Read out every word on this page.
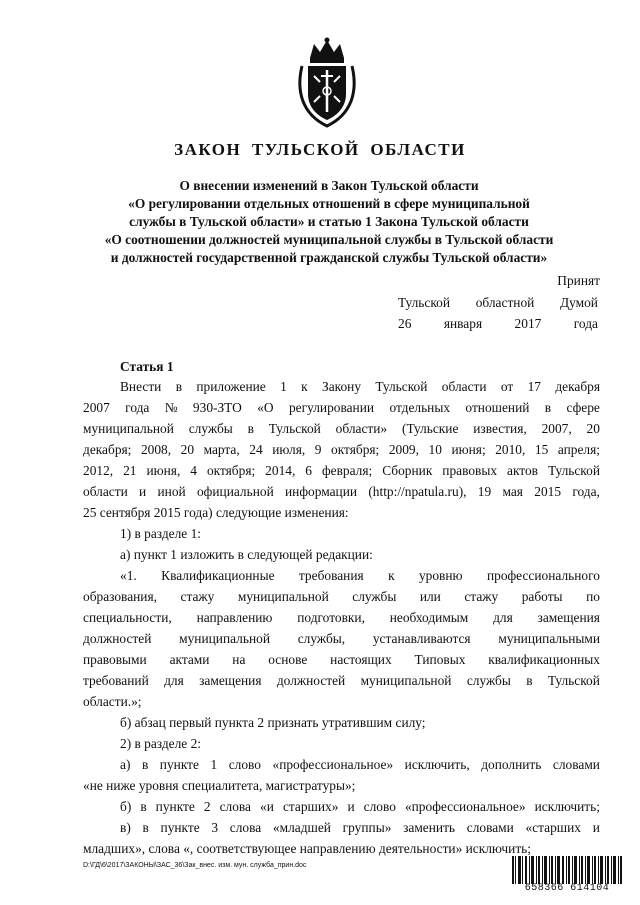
ЗАКОН ТУЛЬСКОЙ ОБЛАСТИ
О внесении изменений в Закон Тульской области
«О регулировании отдельных отношений в сфере муниципальной
службы в Тульской области» и статью 1 Закона Тульской области
«О соотношении должностей муниципальной службы в Тульской области
и должностей государственной гражданской службы Тульской области»
Принят
Тульской областной Думой
26 января 2017 года
Статья 1
Внести в приложение 1 к Закону Тульской области от 17 декабря
2007 года № 930-ЗТО «О регулировании отдельных отношений в сфере
муниципальной службы в Тульской области» (Тульские известия, 2007, 20
декабря; 2008, 20 марта, 24 июля, 9 октября; 2009, 10 июня; 2010, 15 апреля;
2012, 21 июня, 4 октября; 2014, 6 февраля; Сборник правовых актов Тульской
области и иной официальной информации (http://npatula.ru), 19 мая 2015 года,
25 сентября 2015 года) следующие изменения:
1) в разделе 1:
а) пункт 1 изложить в следующей редакции:
«1. Квалификационные требования к уровню профессионального
образования, стажу муниципальной службы или стажу работы по
специальности, направлению подготовки, необходимым для замещения
должностей муниципальной службы, устанавливаются муниципальными
правовыми актами на основе настоящих Типовых квалификационных
требований для замещения должностей муниципальной службы в Тульской
области.»;
б) абзац первый пункта 2 признать утратившим силу;
2) в разделе 2:
а) в пункте 1 слово «профессиональное» исключить, дополнить словами
«не ниже уровня специалитета, магистратуры»;
б) в пункте 2 слова «и старших» и слово «профессиональное» исключить;
в) в пункте 3 слова «младшей группы» заменить словами «старших и
младших», слова «, соответствующее направлению деятельности» исключить;
D:\ГД\6\2017\ЗАКОНЫ\ЗАС_36\Зак_внес. изм. мун. служба_прин.doc
658366 614104
